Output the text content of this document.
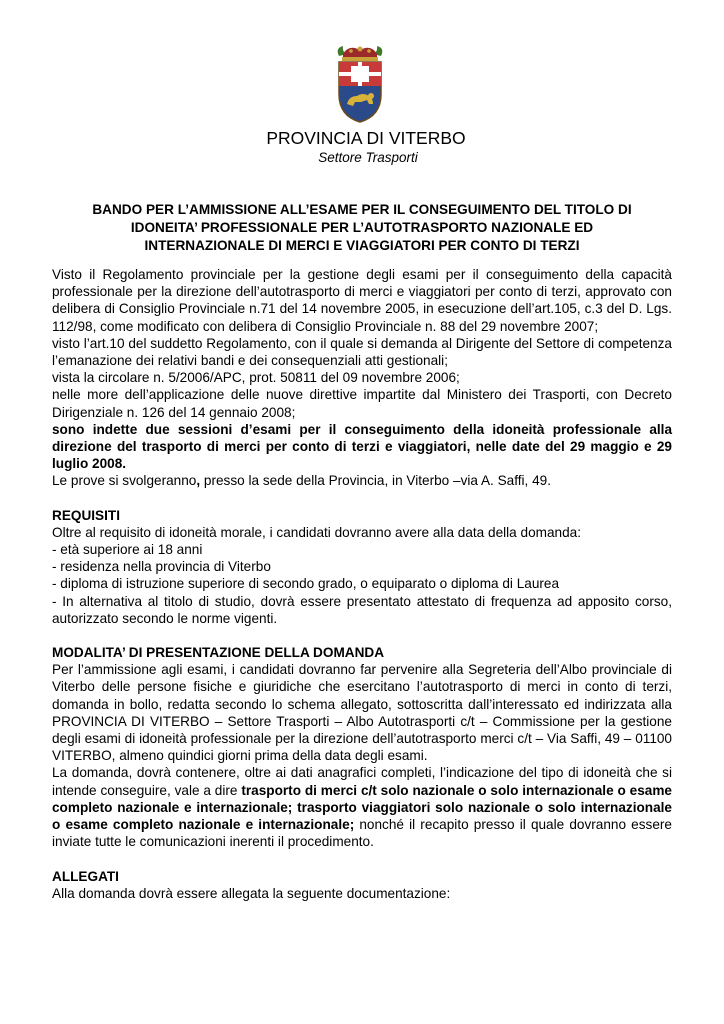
PROVINCIA DI VITERBO
Settore Trasporti
BANDO PER L’AMMISSIONE ALL’ESAME PER IL CONSEGUIMENTO DEL TITOLO DI
IDONEITA’ PROFESSIONALE PER L’AUTOTRASPORTO NAZIONALE ED
INTERNAZIONALE DI MERCI E VIAGGIATORI PER CONTO DI TERZI

Visto il Regolamento provinciale per la gestione degli esami per il conseguimento della capacità professionale per la direzione dell’autotrasporto di merci e viaggiatori per conto di terzi, approvato con delibera di Consiglio Provinciale n.71 del 14 novembre 2005, in esecuzione dell’art.105, c.3 del D. Lgs. 112/98, come modificato con delibera di Consiglio Provinciale n. 88 del 29 novembre 2007;

visto l’art.10 del suddetto Regolamento, con il quale si demanda al Dirigente del Settore di competenza l’emanazione dei relativi bandi e dei consequenziali atti gestionali;

vista la circolare n. 5/2006/APC, prot. 50811 del 09 novembre 2006;

nelle more dell’applicazione delle nuove direttive impartite dal Ministero dei Trasporti, con Decreto Dirigenziale n. 126 del 14 gennaio 2008;

sono indette due sessioni d’esami per il conseguimento della idoneità professionale alla direzione del trasporto di merci per conto di terzi e viaggiatori, nelle date del 29 maggio e 29 luglio 2008.

Le prove si svolgeranno, presso la sede della Provincia, in Viterbo –via A. Saffi, 49.

REQUISITI

Oltre al requisito di idoneità morale, i candidati dovranno avere alla data della domanda:

- età superiore ai 18 anni

- residenza nella provincia di Viterbo

- diploma di istruzione superiore di secondo grado, o equiparato o diploma di Laurea

- In alternativa al titolo di studio, dovrà essere presentato attestato di frequenza ad apposito corso, autorizzato secondo le norme vigenti.

MODALITA’ DI PRESENTAZIONE DELLA DOMANDA

Per l’ammissione agli esami, i candidati dovranno far pervenire alla Segreteria dell’Albo provinciale di Viterbo delle persone fisiche e giuridiche che esercitano l’autotrasporto di merci in conto di terzi, domanda in bollo, redatta secondo lo schema allegato, sottoscritta dall’interessato ed indirizzata alla PROVINCIA DI VITERBO – Settore Trasporti – Albo Autotrasporti c/t – Commissione per la gestione degli esami di idoneità professionale per la direzione dell’autotrasporto merci c/t – Via Saffi, 49 – 01100 VITERBO, almeno quindici giorni prima della data degli esami.

La domanda, dovrà contenere, oltre ai dati anagrafici completi, l’indicazione del tipo di idoneità che si intende conseguire, vale a dire trasporto di merci c/t solo nazionale o solo internazionale o esame completo nazionale e internazionale; trasporto viaggiatori solo nazionale o solo internazionale o esame completo nazionale e internazionale; nonché il recapito presso il quale dovranno essere inviate tutte le comunicazioni inerenti il procedimento.

ALLEGATI

Alla domanda dovrà essere allegata la seguente documentazione:
